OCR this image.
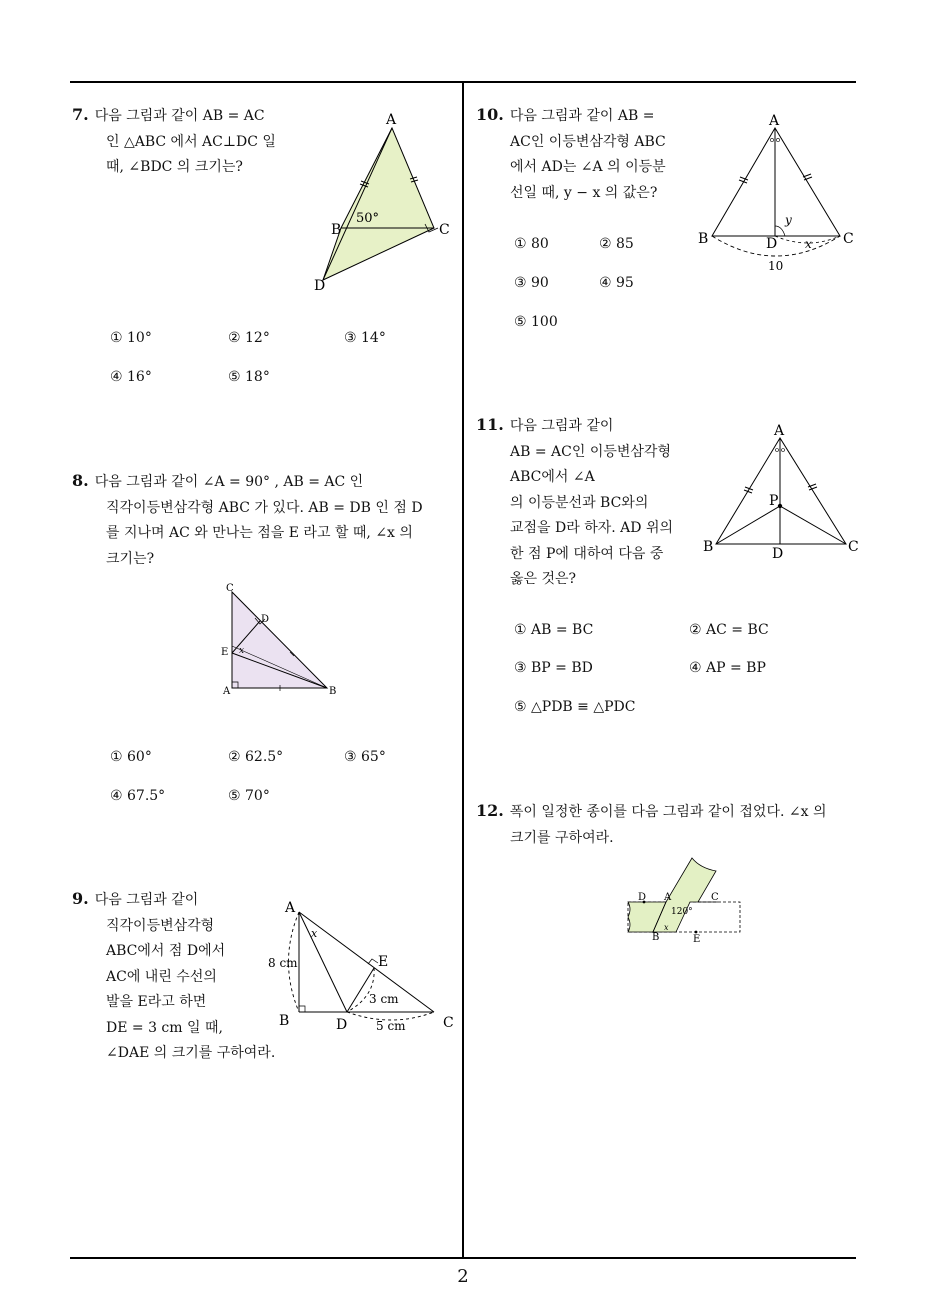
7. 다음 그림과 같이 AB = AC
인 △ABC 에서 AC⊥DC 일
때, ∠BDC 의 크기는?
A
B	C
D
50°
① 10°	② 12°	③ 14°
④ 16°	⑤ 18°
8. 다음 그림과 같이 ∠A = 90° , AB = AC 인
직각이등변삼각형 ABC 가 있다. AB = DB 인 점 D
를 지나며 AC 와 만나는 점을 E 라고 할 때, ∠x 의
크기는?
C
D
E x
A	B
① 60°	② 62.5°	③ 65°
④ 67.5°	⑤ 70°
9. 다음 그림과 같이
직각이등변삼각형
ABC에서 점 D에서
AC에 내린 수선의
발을 E라고 하면
DE = 3 cm 일 때,
∠DAE 의 크기를 구하여라.
A
x
E
8 cm
3 cm
B	D 5 cm	C
10. 다음 그림과 같이 AB =
AC인 이등변삼각형 ABC
에서 AD는 ∠A 의 이등분
선일 때, y − x 의 값은?
A
y
B	D x C
10
① 80	② 85
③ 90	④ 95
⑤ 100
11. 다음 그림과 같이
AB = AC인 이등변삼각형
ABC에서 ∠A
의 이등분선과 BC와의
교점을 D라 하자. AD 위의
한 점 P에 대하여 다음 중
옳은 것은?
A
P
B	D	C
① AB = BC	② AC = BC
③ BP = BD	④ AP = BP
⑤ △PDB ≡ △PDC
12. 폭이 일정한 종이를 다음 그림과 같이 접었다. ∠x 의
크기를 구하여라.
D A	C
120°
B
x
E
2
